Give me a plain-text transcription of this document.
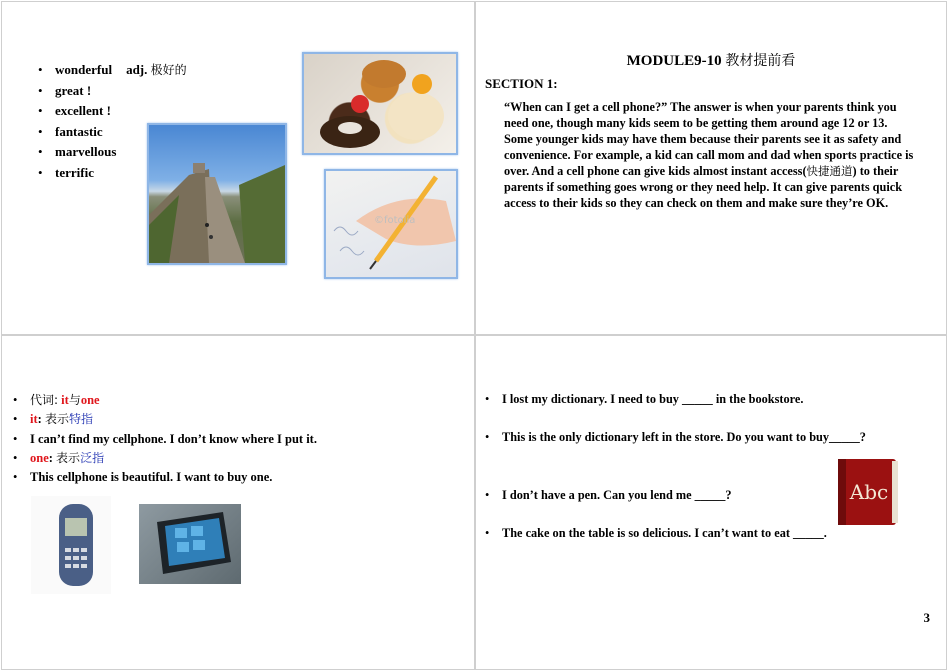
• wonderful adj. 极好的
• great !
• excellent !
• fantastic
• marvellous
• terrific
©fotolia
MODULE9-10 教材提前看
SECTION 1:

“When can I get a cell phone?” The answer is when your parents think you need one, though many kids seem to be getting them around age 12 or 13. Some younger kids may have them because their parents see it as safety and convenience. For example, a kid can call mom and dad when sports practice is over. And a cell phone can give kids almost instant access(快捷通道) to their parents if something goes wrong or they need help. It can give parents quick access to their kids so they can check on them and make sure they’re OK.

• 代词: it与one
• it: 表示特指
• I can’t find my cellphone. I don’t know where I put it.
• one: 表示泛指
• This cellphone is beautiful. I want to buy one.
• I lost my dictionary. I need to buy _____ in the bookstore.
• This is the only dictionary left in the store. Do you want to buy_____?
• I don’t have a pen. Can you lend me _____?
• The cake on the table is so delicious. I can’t want to eat _____.
Abc
3
